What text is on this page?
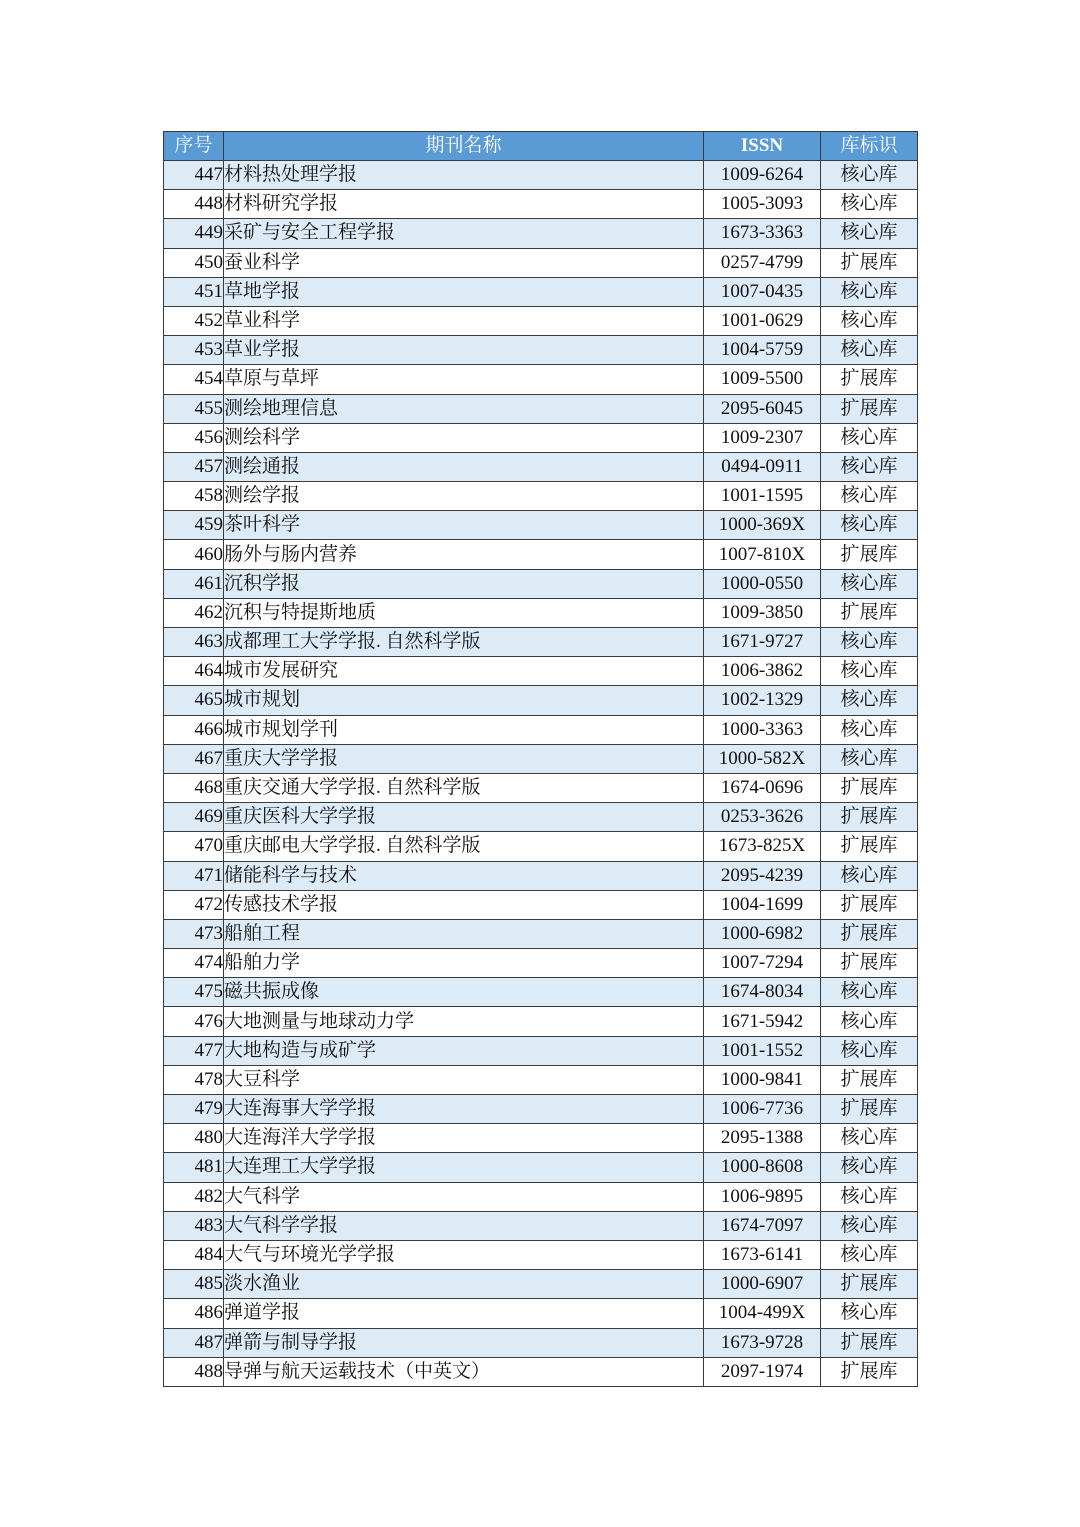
序号	期刊名称	ISSN	库标识
447	材料热处理学报	1009-6264	核心库
448	材料研究学报	1005-3093	核心库
449	采矿与安全工程学报	1673-3363	核心库
450	蚕业科学	0257-4799	扩展库
451	草地学报	1007-0435	核心库
452	草业科学	1001-0629	核心库
453	草业学报	1004-5759	核心库
454	草原与草坪	1009-5500	扩展库
455	测绘地理信息	2095-6045	扩展库
456	测绘科学	1009-2307	核心库
457	测绘通报	0494-0911	核心库
458	测绘学报	1001-1595	核心库
459	茶叶科学	1000-369X	核心库
460	肠外与肠内营养	1007-810X	扩展库
461	沉积学报	1000-0550	核心库
462	沉积与特提斯地质	1009-3850	扩展库
463	成都理工大学学报. 自然科学版	1671-9727	核心库
464	城市发展研究	1006-3862	核心库
465	城市规划	1002-1329	核心库
466	城市规划学刊	1000-3363	核心库
467	重庆大学学报	1000-582X	核心库
468	重庆交通大学学报. 自然科学版	1674-0696	扩展库
469	重庆医科大学学报	0253-3626	扩展库
470	重庆邮电大学学报. 自然科学版	1673-825X	扩展库
471	储能科学与技术	2095-4239	核心库
472	传感技术学报	1004-1699	扩展库
473	船舶工程	1000-6982	扩展库
474	船舶力学	1007-7294	扩展库
475	磁共振成像	1674-8034	核心库
476	大地测量与地球动力学	1671-5942	核心库
477	大地构造与成矿学	1001-1552	核心库
478	大豆科学	1000-9841	扩展库
479	大连海事大学学报	1006-7736	扩展库
480	大连海洋大学学报	2095-1388	核心库
481	大连理工大学学报	1000-8608	核心库
482	大气科学	1006-9895	核心库
483	大气科学学报	1674-7097	核心库
484	大气与环境光学学报	1673-6141	核心库
485	淡水渔业	1000-6907	扩展库
486	弹道学报	1004-499X	核心库
487	弹箭与制导学报	1673-9728	扩展库
488	导弹与航天运载技术（中英文）	2097-1974	扩展库
